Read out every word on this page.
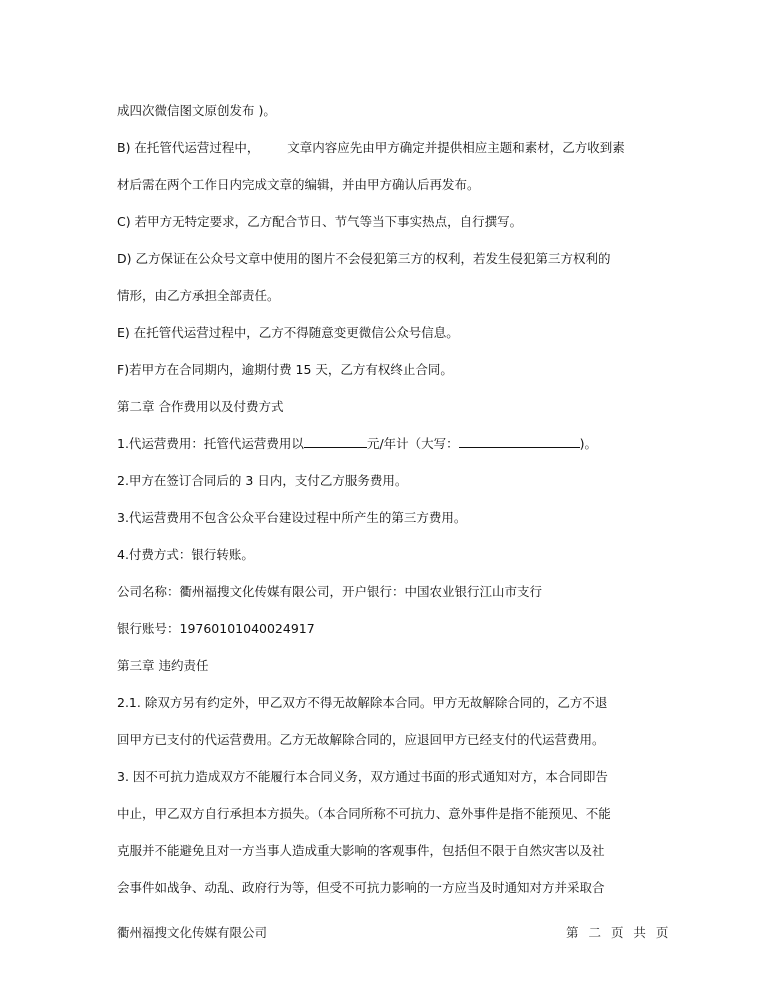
成四次微信图文原创发布 )。
B) 在托管代运营过程中，       文章内容应先由甲方确定并提供相应主题和素材，乙方收到素
材后需在两个工作日内完成文章的编辑，并由甲方确认后再发布。
C) 若甲方无特定要求，乙方配合节日、节气等当下事实热点，自行撰写。
D) 乙方保证在公众号文章中使用的图片不会侵犯第三方的权利，若发生侵犯第三方权利的
情形，由乙方承担全部责任。
E) 在托管代运营过程中，乙方不得随意变更微信公众号信息。
F)若甲方在合同期内，逾期付费 15 天，乙方有权终止合同。
第二章 合作费用以及付费方式
1.代运营费用：托管代运营费用以	元/年计（大写：	)。
2.甲方在签订合同后的 3 日内，支付乙方服务费用。
3.代运营费用不包含公众平台建设过程中所产生的第三方费用。
4.付费方式：银行转账。
公司名称：衢州福搜文化传媒有限公司，开户银行：中国农业银行江山市支行
银行账号：19760101040024917
第三章 违约责任
2.1. 除双方另有约定外，甲乙双方不得无故解除本合同。甲方无故解除合同的，乙方不退
回甲方已支付的代运营费用。乙方无故解除合同的，应退回甲方已经支付的代运营费用。
3. 因不可抗力造成双方不能履行本合同义务，双方通过书面的形式通知对方，本合同即告
中止，甲乙双方自行承担本方损失。（本合同所称不可抗力、意外事件是指不能预见、不能
克服并不能避免且对一方当事人造成重大影响的客观事件，包括但不限于自然灾害以及社
会事件如战争、动乱、政府行为等，但受不可抗力影响的一方应当及时通知对方并采取合
衢州福搜文化传媒有限公司	第 二 页 共 页
